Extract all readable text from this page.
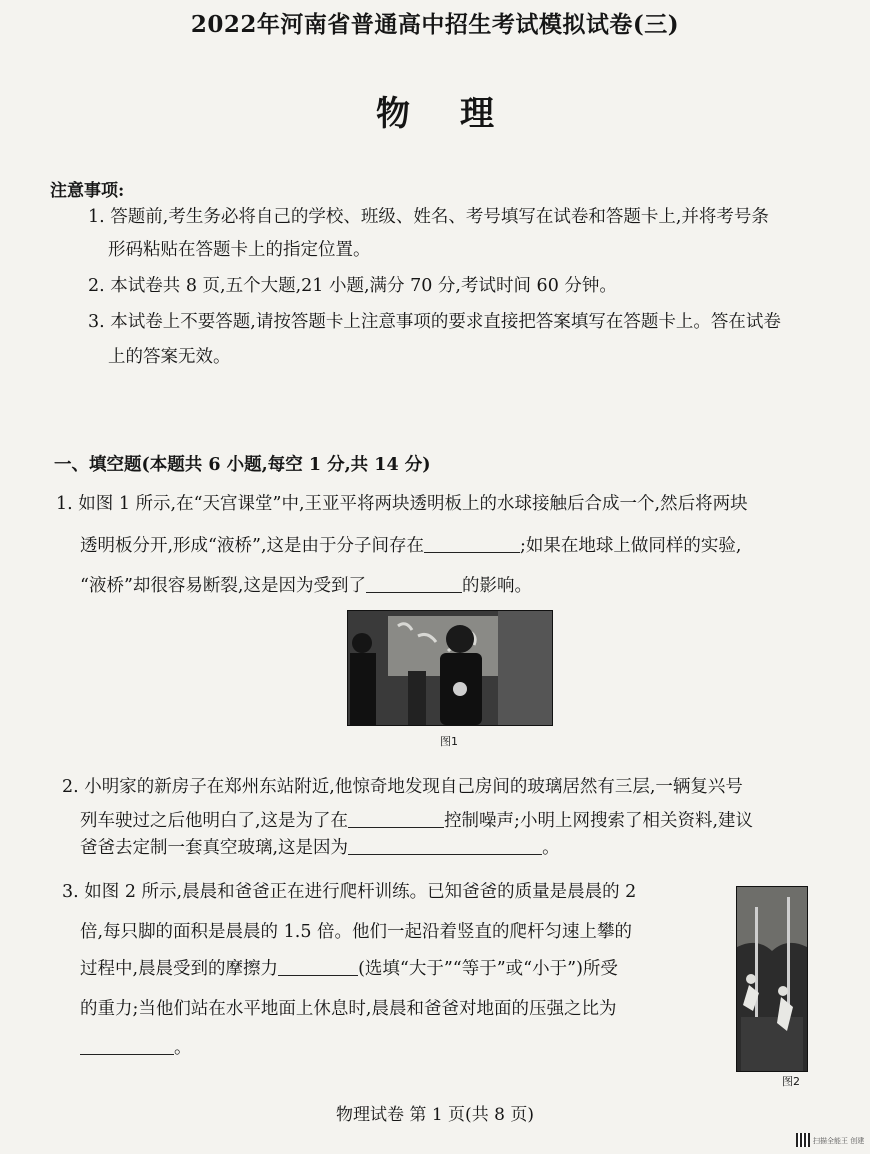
2022年河南省普通高中招生考试模拟试卷(三)
物理
注意事项:
1. 答题前,考生务必将自己的学校、班级、姓名、考号填写在试卷和答题卡上,并将考号条
形码粘贴在答题卡上的指定位置。
2. 本试卷共 8 页,五个大题,21 小题,满分 70 分,考试时间 60 分钟。
3. 本试卷上不要答题,请按答题卡上注意事项的要求直接把答案填写在答题卡上。答在试卷
上的答案无效。
一、填空题(本题共 6 小题,每空 1 分,共 14 分)
1. 如图 1 所示,在“天宫课堂”中,王亚平将两块透明板上的水球接触后合成一个,然后将两块
透明板分开,形成“液桥”,这是由于分子间存在	;如果在地球上做同样的实验,
“液桥”却很容易断裂,这是因为受到了	的影响。
图1
2. 小明家的新房子在郑州东站附近,他惊奇地发现自己房间的玻璃居然有三层,一辆复兴号
列车驶过之后他明白了,这是为了在	控制噪声;小明上网搜索了相关资料,建议
爸爸去定制一套真空玻璃,这是因为	。
3. 如图 2 所示,晨晨和爸爸正在进行爬杆训练。已知爸爸的质量是晨晨的 2
倍,每只脚的面积是晨晨的 1.5 倍。他们一起沿着竖直的爬杆匀速上攀的
过程中,晨晨受到的摩擦力	(选填“大于”“等于”或“小于”)所受
的重力;当他们站在水平地面上休息时,晨晨和爸爸对地面的压强之比为
。
图2
物理试卷 第 1 页(共 8 页)
扫描全能王 创建
